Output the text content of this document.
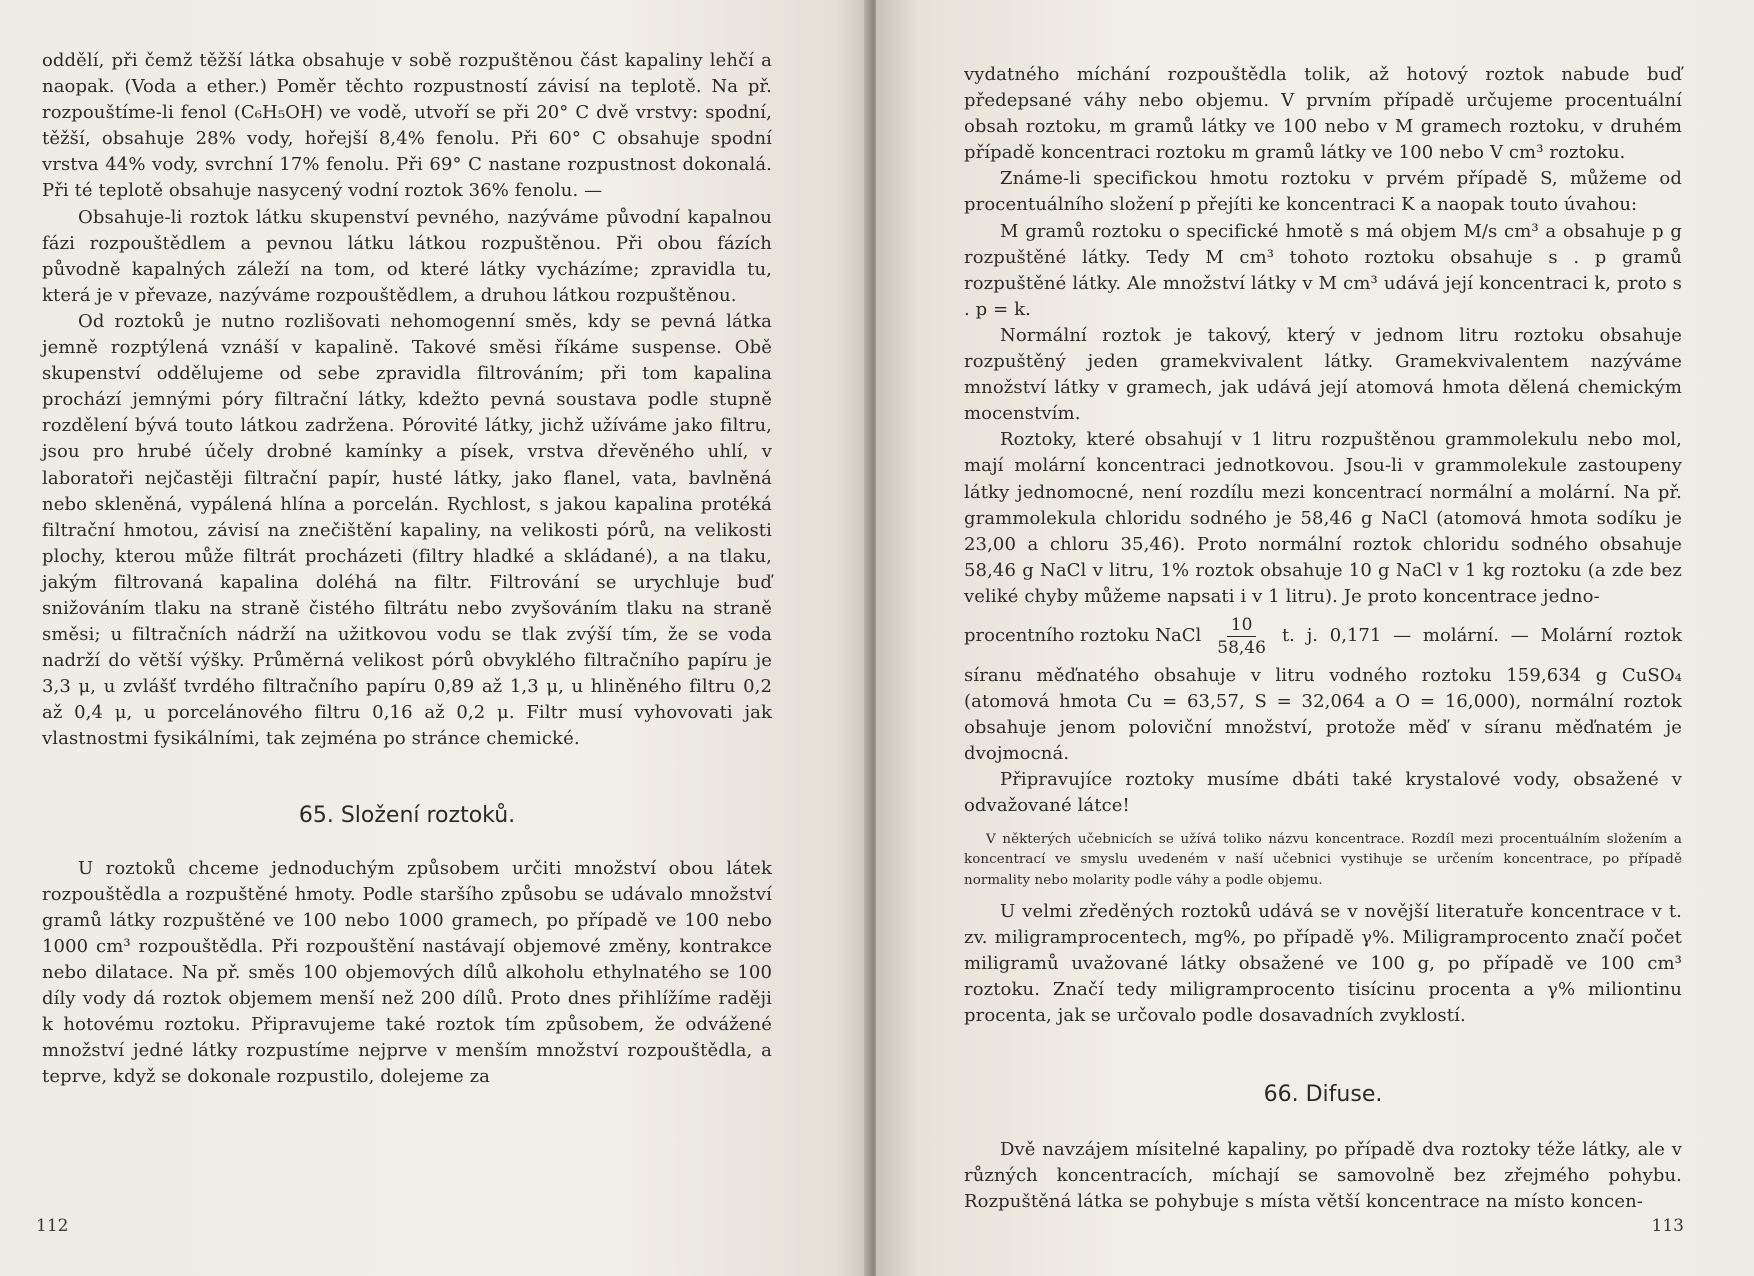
oddělí, při čemž těžší látka obsahuje v sobě rozpuštěnou část kapaliny lehčí a naopak. (Voda a ether.) Poměr těchto rozpustností závisí na teplotě. Na př. rozpouštíme-li fenol (C₆H₅OH) ve vodě, utvoří se při 20° C dvě vrstvy: spodní, těžší, obsahuje 28% vody, hořejší 8,4% fenolu. Při 60° C obsahuje spodní vrstva 44% vody, svrchní 17% fenolu. Při 69° C nastane rozpustnost dokonalá. Při té teplotě obsahuje nasycený vodní roztok 36% fenolu. —

Obsahuje-li roztok látku skupenství pevného, nazýváme původní kapalnou fázi rozpouštědlem a pevnou látku látkou rozpuštěnou. Při obou fázích původně kapalných záleží na tom, od které látky vycházíme; zpravidla tu, která je v převaze, nazýváme rozpouštědlem, a druhou látkou rozpuštěnou.

Od roztoků je nutno rozlišovati nehomogenní směs, kdy se pevná látka jemně rozptýlená vznáší v kapalině. Takové směsi říkáme suspense. Obě skupenství oddělujeme od sebe zpravidla filtrováním; při tom kapalina prochází jemnými póry filtrační látky, kdežto pevná soustava podle stupně rozdělení bývá touto látkou zadržena. Pórovité látky, jichž užíváme jako filtru, jsou pro hrubé účely drobné kamínky a písek, vrstva dřevěného uhlí, v laboratoři nejčastěji filtrační papír, husté látky, jako flanel, vata, bavlněná nebo skleněná, vypálená hlína a porcelán. Rychlost, s jakou kapalina protéká filtrační hmotou, závisí na znečištění kapaliny, na velikosti pórů, na velikosti plochy, kterou může filtrát procházeti (filtry hladké a skládané), a na tlaku, jakým filtrovaná kapalina doléhá na filtr. Filtrování se urychluje buď snižováním tlaku na straně čistého filtrátu nebo zvyšováním tlaku na straně směsi; u filtračních nádrží na užitkovou vodu se tlak zvýší tím, že se voda nadrží do větší výšky. Průměrná velikost pórů obvyklého filtračního papíru je 3,3 μ, u zvlášť tvrdého filtračního papíru 0,89 až 1,3 μ, u hliněného filtru 0,2 až 0,4 μ, u porcelánového filtru 0,16 až 0,2 μ. Filtr musí vyhovovati jak vlastnostmi fysikálními, tak zejména po stránce chemické.

65. Složení roztoků.

U roztoků chceme jednoduchým způsobem určiti množství obou látek rozpouštědla a rozpuštěné hmoty. Podle staršího způsobu se udávalo množství gramů látky rozpuštěné ve 100 nebo 1000 gramech, po případě ve 100 nebo 1000 cm³ rozpouštědla. Při rozpouštění nastávají objemové změny, kontrakce nebo dilatace. Na př. směs 100 objemových dílů alkoholu ethylnatého se 100 díly vody dá roztok objemem menší než 200 dílů. Proto dnes přihlížíme raději k hotovému roztoku. Připravujeme také roztok tím způsobem, že odvážené množství jedné látky rozpustíme nejprve v menším množství rozpouštědla, a teprve, když se dokonale rozpustilo, dolejeme za

112

vydatného míchání rozpouštědla tolik, až hotový roztok nabude buď předepsané váhy nebo objemu. V prvním případě určujeme procentuální obsah roztoku, m gramů látky ve 100 nebo v M gramech roztoku, v druhém případě koncentraci roztoku m gramů látky ve 100 nebo V cm³ roztoku.

Známe-li specifickou hmotu roztoku v prvém případě S, můžeme od procentuálního složení p přejíti ke koncentraci K a naopak touto úvahou:

M gramů roztoku o specifické hmotě s má objem M/s cm³ a obsahuje p g rozpuštěné látky. Tedy M cm³ tohoto roztoku obsahuje s . p gramů rozpuštěné látky. Ale množství látky v M cm³ udává její koncentraci k, proto s . p = k.

Normální roztok je takový, který v jednom litru roztoku obsahuje rozpuštěný jeden gramekvivalent látky. Gramekvivalentem nazýváme množství látky v gramech, jak udává její atomová hmota dělená chemickým mocenstvím.

Roztoky, které obsahují v 1 litru rozpuštěnou grammolekulu nebo mol, mají molární koncentraci jednotkovou. Jsou-li v grammolekule zastoupeny látky jednomocné, není rozdílu mezi koncentrací normální a molární. Na př. grammolekula chloridu sodného je 58,46 g NaCl (atomová hmota sodíku je 23,00 a chloru 35,46). Proto normální roztok chloridu sodného obsahuje 58,46 g NaCl v litru, 1% roztok obsahuje 10 g NaCl v 1 kg roztoku (a zde bez veliké chyby můžeme napsati i v 1 litru). Je proto koncentrace jedno-

procentního roztoku NaCl $\frac{10}{58,46} t$. j. 0,171 — molární. — Molární roztok

síranu měďnatého obsahuje v litru vodného roztoku 159,634 g CuSO₄ (atomová hmota Cu = 63,57, S = 32,064 a O = 16,000), normální roztok obsahuje jenom poloviční množství, protože měď v síranu měďnatém je dvojmocná.

Připravujíce roztoky musíme dbáti také krystalové vody, obsažené v odvažované látce!

V některých učebnicích se užívá toliko názvu koncentrace. Rozdíl mezi procentuálním složením a koncentrací ve smyslu uvedeném v naší učebnici vystihuje se určením koncentrace, po případě normality nebo molarity podle váhy a podle objemu.

U velmi zředěných roztoků udává se v novější literatuře koncentrace v t. zv. miligramprocentech, mg%, po případě γ%. Miligramprocento značí počet miligramů uvažované látky obsažené ve 100 g, po případě ve 100 cm³ roztoku. Značí tedy miligramprocento tisícinu procenta a γ% miliontinu procenta, jak se určovalo podle dosavadních zvyklostí.

66. Difuse.

Dvě navzájem mísitelné kapaliny, po případě dva roztoky téže látky, ale v různých koncentracích, míchají se samovolně bez zřejmého pohybu. Rozpuštěná látka se pohybuje s místa větší koncentrace na místo koncen-

113
